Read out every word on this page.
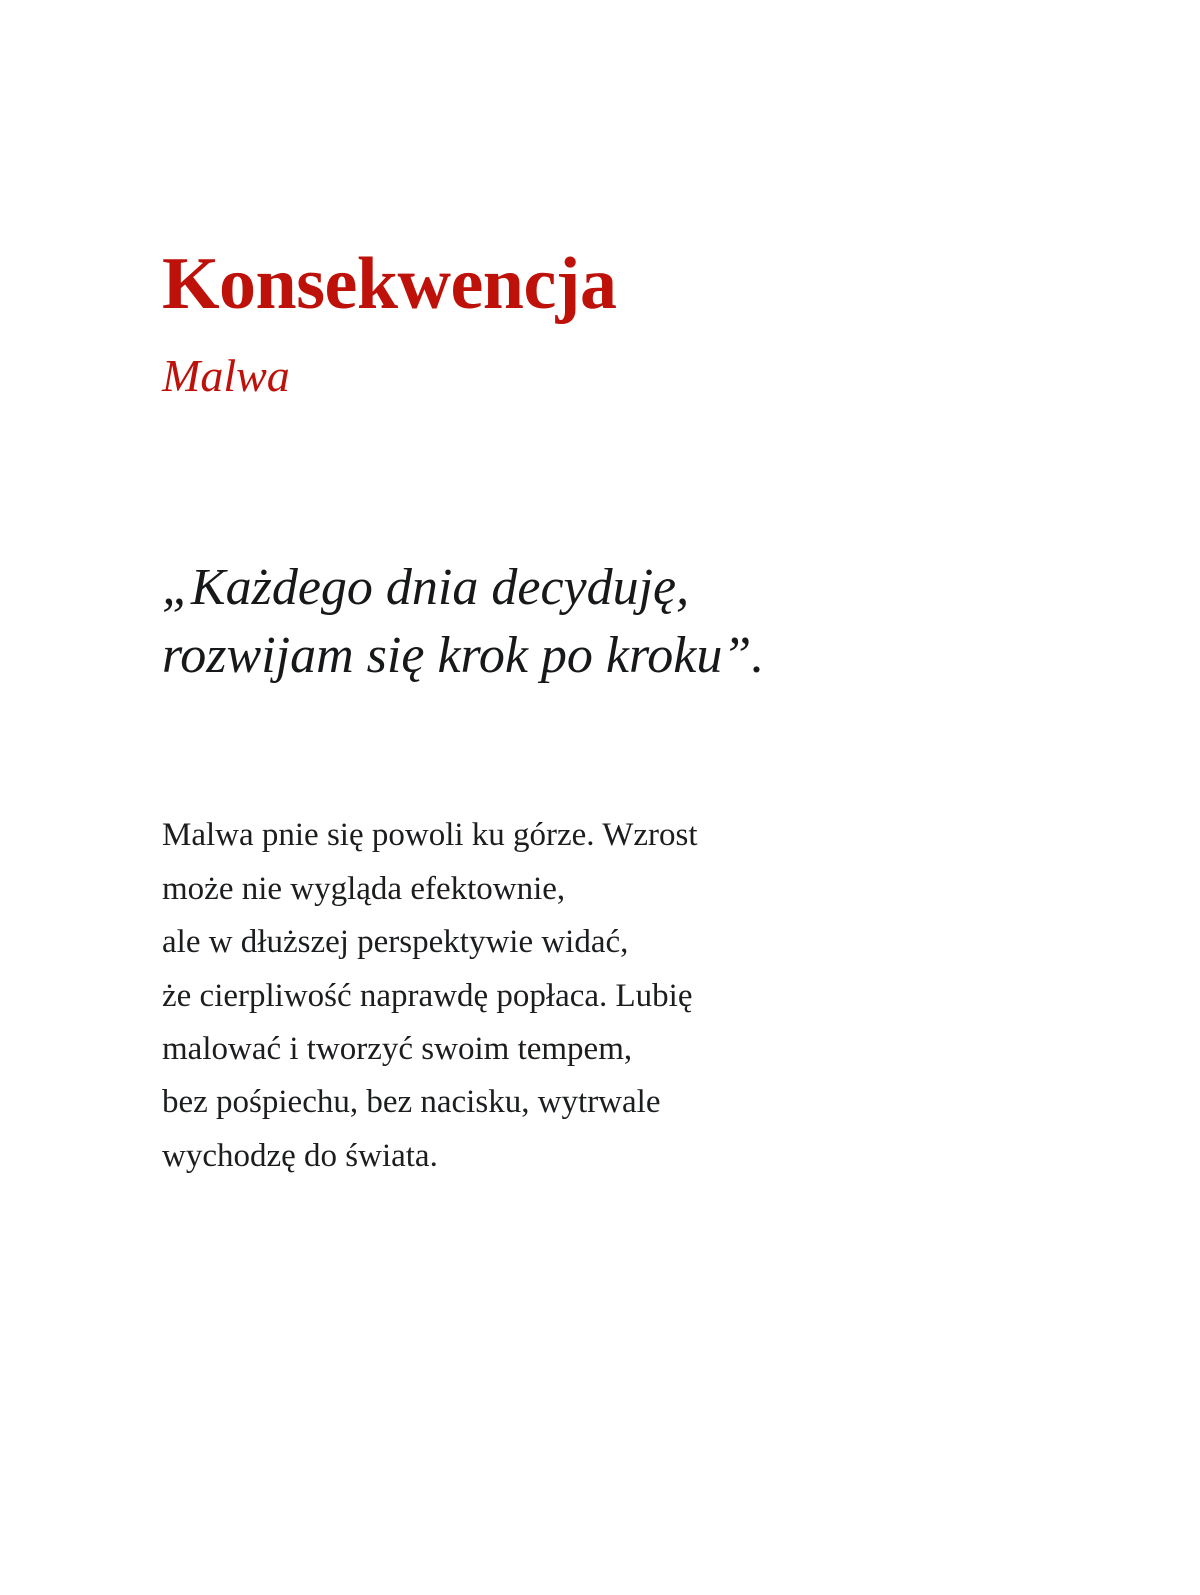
Konsekwencja
Malwa
„Każdego dnia decyduję,
rozwijam się krok po kroku”.
Malwa pnie się powoli ku górze. Wzrost
może nie wygląda efektownie,
ale w dłuższej perspektywie widać,
że cierpliwość naprawdę popłaca. Lubię
malować i tworzyć swoim tempem,
bez pośpiechu, bez nacisku, wytrwale
wychodzę do świata.
